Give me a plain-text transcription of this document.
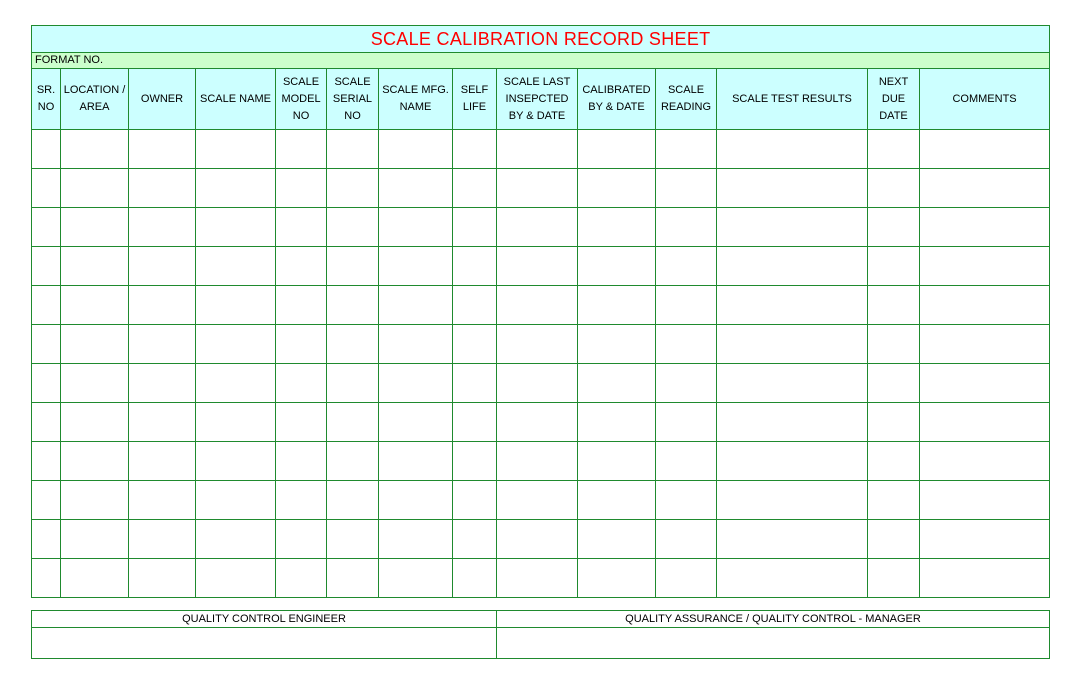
SCALE CALIBRATION RECORD SHEET													
FORMAT NO.													
SR. NO	LOCATION / AREA	OWNER	SCALE NAME	SCALE MODEL NO	SCALE SERIAL NO	SCALE MFG. NAME	SELF LIFE	SCALE LAST INSEPCTED BY & DATE	CALIBRATED BY & DATE	SCALE READING	SCALE TEST RESULTS	NEXT DUE DATE	COMMENTS

QUALITY CONTROL ENGINEER	QUALITY ASSURANCE / QUALITY CONTROL - MANAGER
